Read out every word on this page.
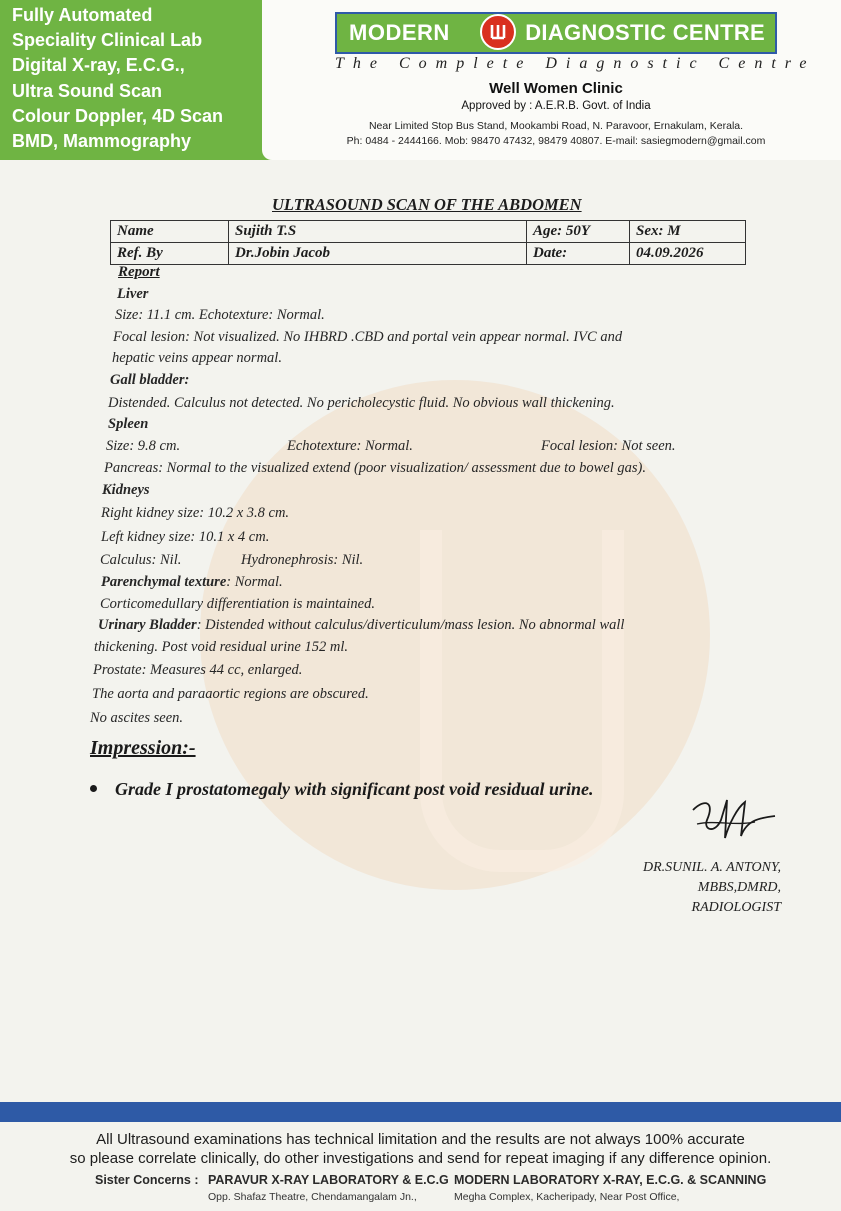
Fully Automated
Speciality Clinical Lab
Digital X-ray, E.C.G.,
Ultra Sound Scan
Colour Doppler, 4D Scan
BMD, Mammography
MODERN	DIAGNOSTIC CENTRE
The Complete Diagnostic Centre
Well Women Clinic
Approved by : A.E.R.B. Govt. of India
Near Limited Stop Bus Stand, Mookambi Road, N. Paravoor, Ernakulam, Kerala.
Ph: 0484 - 2444166. Mob: 98470 47432, 98479 40807. E-mail: sasiegmodern@gmail.com
ULTRASOUND SCAN OF THE ABDOMEN
Name	Sujith T.S	Age: 50Y	Sex: M
Ref. By	Dr.Jobin Jacob	Date:	04.09.2026
Report
Liver
Size: 11.1 cm. Echotexture: Normal.
Focal lesion: Not visualized. No IHBRD .CBD and portal vein appear normal. IVC and
hepatic veins appear normal.
Gall bladder:
Distended. Calculus not detected. No pericholecystic fluid. No obvious wall thickening.
Spleen
Size: 9.8 cm.	Echotexture: Normal.	Focal lesion: Not seen.
Pancreas: Normal to the visualized extend (poor visualization/ assessment due to bowel gas).
Kidneys
Right kidney size: 10.2 x 3.8 cm.
Left kidney size: 10.1 x 4 cm.
Calculus: Nil.	Hydronephrosis: Nil.
Parenchymal texture: Normal.
Corticomedullary differentiation is maintained.
Urinary Bladder: Distended without calculus/diverticulum/mass lesion. No abnormal wall
thickening. Post void residual urine 152 ml.
Prostate: Measures 44 cc, enlarged.
The aorta and paraaortic regions are obscured.
No ascites seen.
Impression:-
Grade I prostatomegaly with significant post void residual urine.
DR.SUNIL. A. ANTONY,
MBBS,DMRD,
RADIOLOGIST
All Ultrasound examinations has technical limitation and the results are not always 100% accurate
so please correlate clinically, do other investigations and send for repeat imaging if any difference opinion.
Sister Concerns : PARAVUR X-RAY LABORATORY & E.C.G
Opp. Shafaz Theatre, Chendamangalam Jn.,
MODERN LABORATORY X-RAY, E.C.G. & SCANNING
Megha Complex, Kacheripady, Near Post Office,
